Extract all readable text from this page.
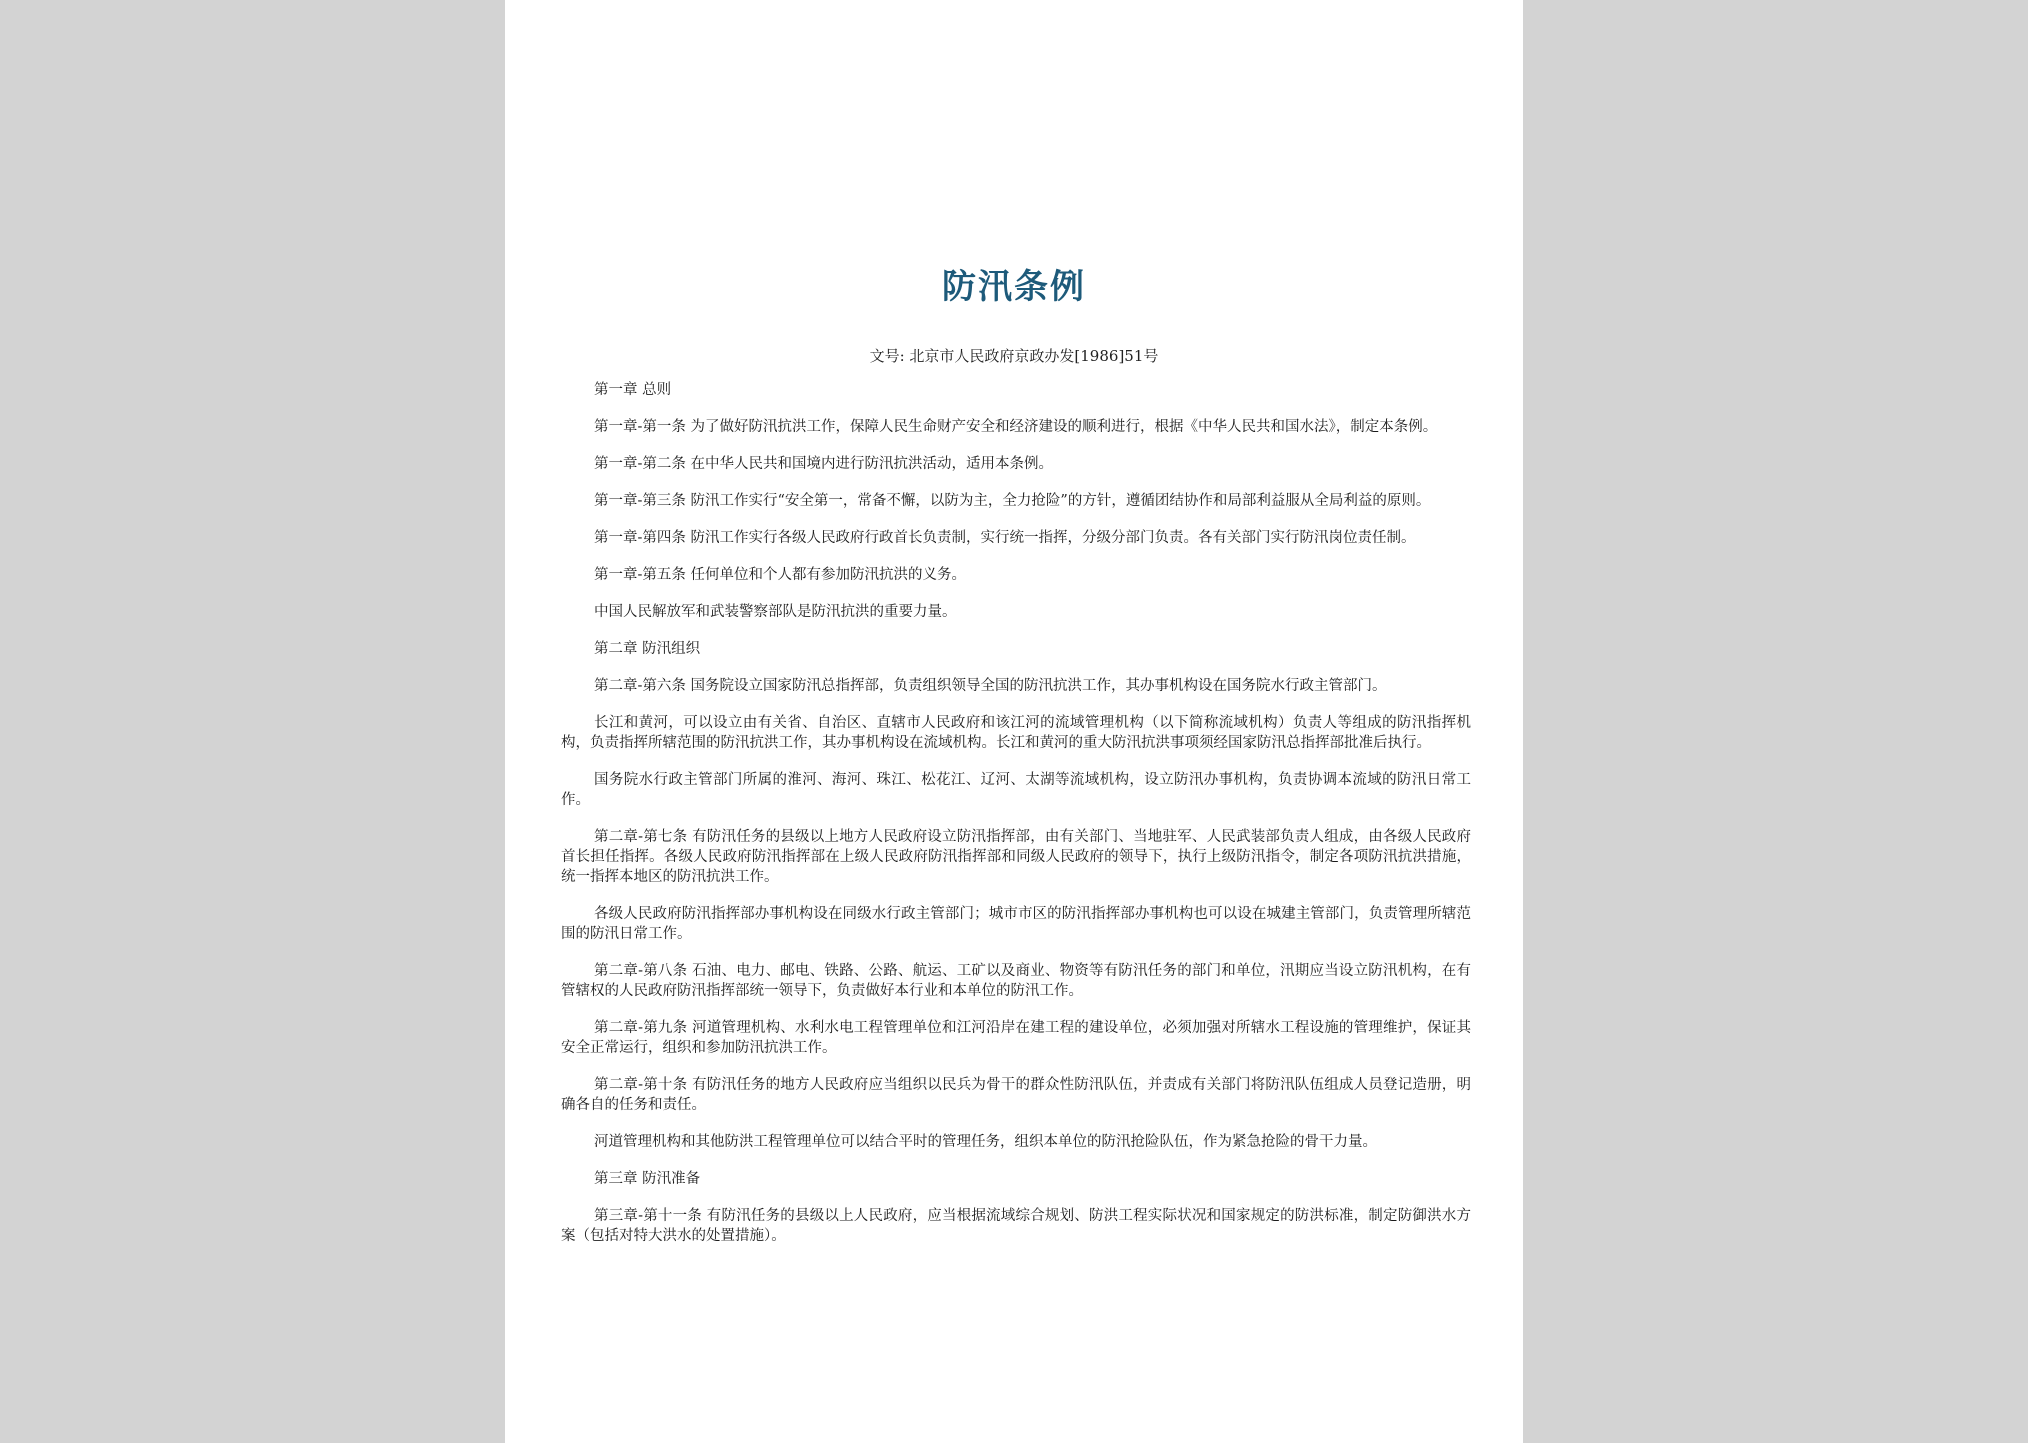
防汛条例
文号: 北京市人民政府京政办发[1986]51号

第一章 总则

第一章-第一条 为了做好防汛抗洪工作，保障人民生命财产安全和经济建设的顺利进行，根据《中华人民共和国水法》，制定本条例。

第一章-第二条 在中华人民共和国境内进行防汛抗洪活动，适用本条例。

第一章-第三条 防汛工作实行“安全第一，常备不懈，以防为主，全力抢险”的方针，遵循团结协作和局部利益服从全局利益的原则。

第一章-第四条 防汛工作实行各级人民政府行政首长负责制，实行统一指挥，分级分部门负责。各有关部门实行防汛岗位责任制。

第一章-第五条 任何单位和个人都有参加防汛抗洪的义务。

中国人民解放军和武装警察部队是防汛抗洪的重要力量。

第二章 防汛组织

第二章-第六条 国务院设立国家防汛总指挥部，负责组织领导全国的防汛抗洪工作，其办事机构设在国务院水行政主管部门。

长江和黄河，可以设立由有关省、自治区、直辖市人民政府和该江河的流域管理机构（以下简称流域机构）负责人等组成的防汛指挥机构，负责指挥所辖范围的防汛抗洪工作，其办事机构设在流域机构。长江和黄河的重大防汛抗洪事项须经国家防汛总指挥部批准后执行。

国务院水行政主管部门所属的淮河、海河、珠江、松花江、辽河、太湖等流域机构，设立防汛办事机构，负责协调本流域的防汛日常工作。

第二章-第七条 有防汛任务的县级以上地方人民政府设立防汛指挥部，由有关部门、当地驻军、人民武装部负责人组成，由各级人民政府首长担任指挥。各级人民政府防汛指挥部在上级人民政府防汛指挥部和同级人民政府的领导下，执行上级防汛指令，制定各项防汛抗洪措施，统一指挥本地区的防汛抗洪工作。

各级人民政府防汛指挥部办事机构设在同级水行政主管部门；城市市区的防汛指挥部办事机构也可以设在城建主管部门，负责管理所辖范围的防汛日常工作。

第二章-第八条 石油、电力、邮电、铁路、公路、航运、工矿以及商业、物资等有防汛任务的部门和单位，汛期应当设立防汛机构，在有管辖权的人民政府防汛指挥部统一领导下，负责做好本行业和本单位的防汛工作。

第二章-第九条 河道管理机构、水利水电工程管理单位和江河沿岸在建工程的建设单位，必须加强对所辖水工程设施的管理维护，保证其安全正常运行，组织和参加防汛抗洪工作。

第二章-第十条 有防汛任务的地方人民政府应当组织以民兵为骨干的群众性防汛队伍，并责成有关部门将防汛队伍组成人员登记造册，明确各自的任务和责任。

河道管理机构和其他防洪工程管理单位可以结合平时的管理任务，组织本单位的防汛抢险队伍，作为紧急抢险的骨干力量。

第三章 防汛准备

第三章-第十一条 有防汛任务的县级以上人民政府，应当根据流域综合规划、防洪工程实际状况和国家规定的防洪标准，制定防御洪水方案（包括对特大洪水的处置措施）。
